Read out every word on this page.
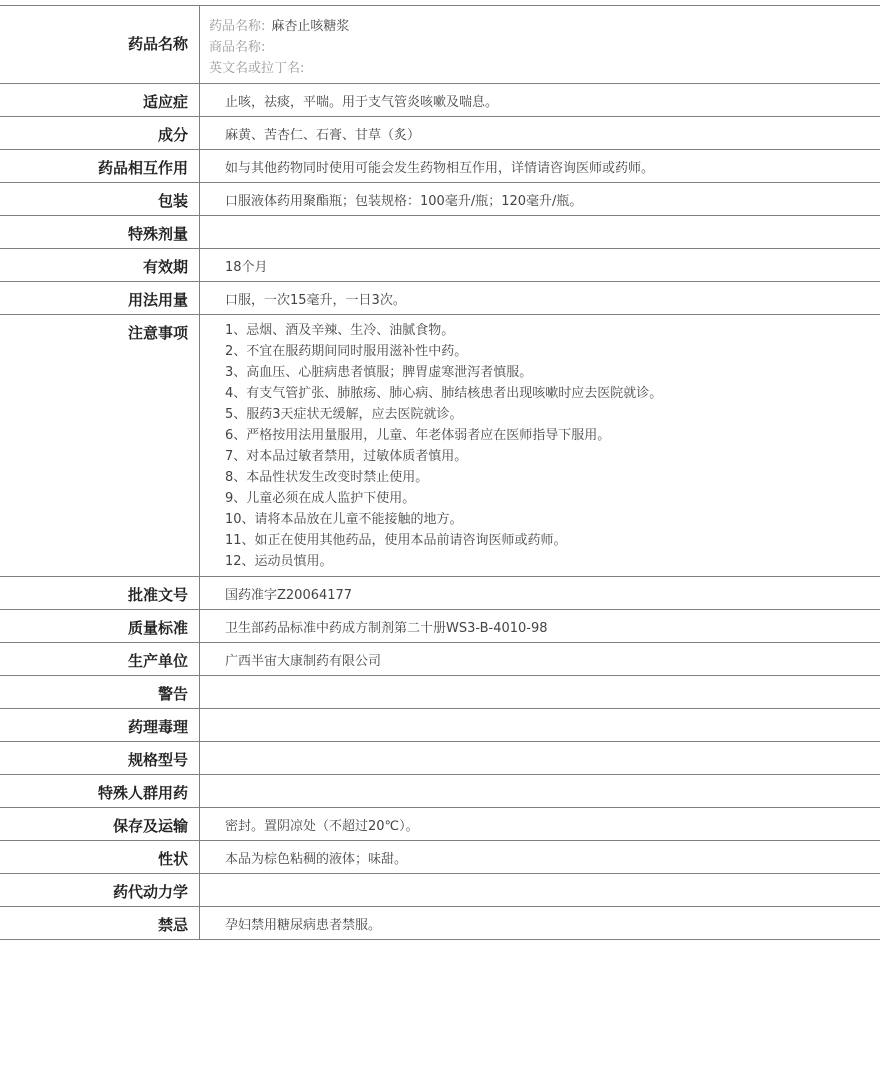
药品名称
药品名称: 麻杏止咳糖浆
商品名称:
英文名或拉丁名:
适应症	止咳，祛痰，平喘。用于支气管炎咳嗽及喘息。
成分	麻黄、苦杏仁、石膏、甘草（炙）
药品相互作用	如与其他药物同时使用可能会发生药物相互作用，详情请咨询医师或药师。
包装	口服液体药用聚酯瓶；包装规格：100毫升/瓶；120毫升/瓶。
特殊剂量
有效期	18个月
用法用量	口服，一次15毫升，一日3次。
注意事项	1、忌烟、酒及辛辣、生冷、油腻食物。
2、不宜在服药期间同时服用滋补性中药。
3、高血压、心脏病患者慎服；脾胃虚寒泄泻者慎服。
4、有支气管扩张、肺脓疡、肺心病、肺结核患者出现咳嗽时应去医院就诊。
5、服药3天症状无缓解，应去医院就诊。
6、严格按用法用量服用，儿童、年老体弱者应在医师指导下服用。
7、对本品过敏者禁用，过敏体质者慎用。
8、本品性状发生改变时禁止使用。
9、儿童必须在成人监护下使用。
10、请将本品放在儿童不能接触的地方。
11、如正在使用其他药品，使用本品前请咨询医师或药师。
12、运动员慎用。
批准文号	国药准字Z20064177
质量标准	卫生部药品标准中药成方制剂第二十册WS3-B-4010-98
生产单位	广西半宙大康制药有限公司
警告
药理毒理
规格型号
特殊人群用药
保存及运输	密封。置阴凉处（不超过20℃）。
性状	本品为棕色粘稠的液体；味甜。
药代动力学
禁忌	孕妇禁用糖尿病患者禁服。
